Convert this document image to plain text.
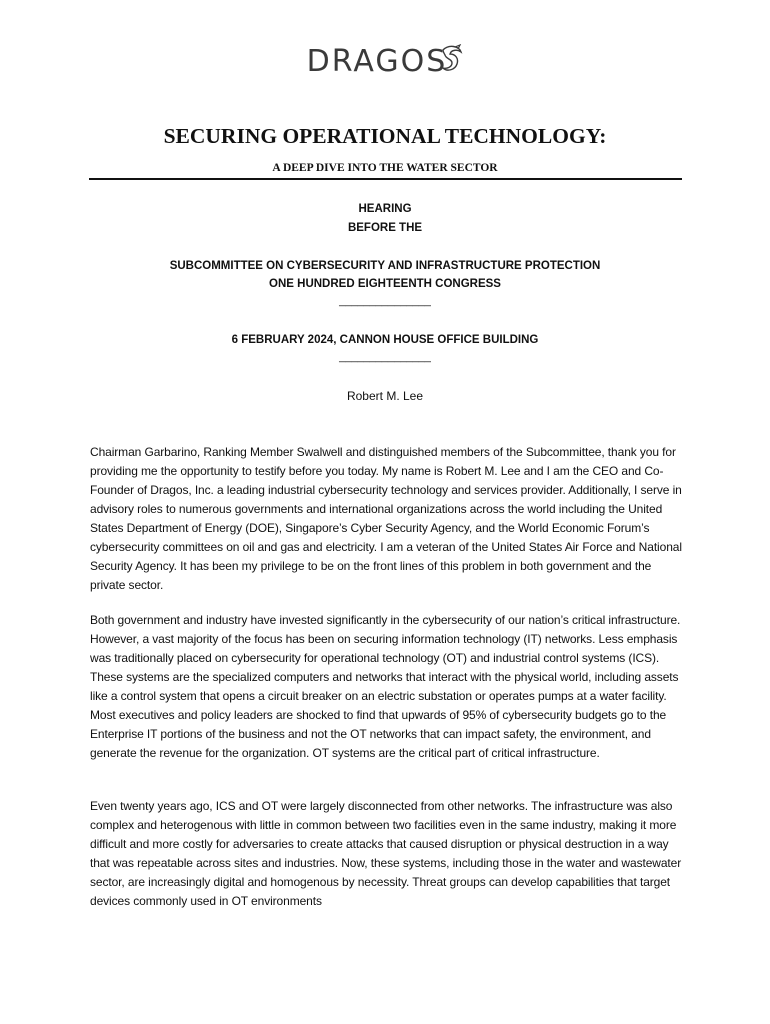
DRAGOS
SECURING OPERATIONAL TECHNOLOGY:
A DEEP DIVE INTO THE WATER SECTOR
HEARING
BEFORE THE
SUBCOMMITTEE ON CYBERSECURITY AND INFRASTRUCTURE PROTECTION
ONE HUNDRED EIGHTEENTH CONGRESS
_______________
6 FEBRUARY 2024, CANNON HOUSE OFFICE BUILDING
_______________
Robert M. Lee

Chairman Garbarino, Ranking Member Swalwell and distinguished members of the Subcommittee, thank you for providing me the opportunity to testify before you today. My name is Robert M. Lee and I am the CEO and Co-Founder of Dragos, Inc. a leading industrial cybersecurity technology and services provider. Additionally, I serve in advisory roles to numerous governments and international organizations across the world including the United States Department of Energy (DOE), Singapore’s Cyber Security Agency, and the World Economic Forum’s cybersecurity committees on oil and gas and electricity. I am a veteran of the United States Air Force and National Security Agency. It has been my privilege to be on the front lines of this problem in both government and the private sector.

Both government and industry have invested significantly in the cybersecurity of our nation’s critical infrastructure. However, a vast majority of the focus has been on securing information technology (IT) networks. Less emphasis was traditionally placed on cybersecurity for operational technology (OT) and industrial control systems (ICS). These systems are the specialized computers and networks that interact with the physical world, including assets like a control system that opens a circuit breaker on an electric substation or operates pumps at a water facility. Most executives and policy leaders are shocked to find that upwards of 95% of cybersecurity budgets go to the Enterprise IT portions of the business and not the OT networks that can impact safety, the environment, and generate the revenue for the organization. OT systems are the critical part of critical infrastructure.

Even twenty years ago, ICS and OT were largely disconnected from other networks. The infrastructure was also complex and heterogenous with little in common between two facilities even in the same industry, making it more difficult and more costly for adversaries to create attacks that caused disruption or physical destruction in a way that was repeatable across sites and industries. Now, these systems, including those in the water and wastewater sector, are increasingly digital and homogenous by necessity. Threat groups can develop capabilities that target devices commonly used in OT environments
